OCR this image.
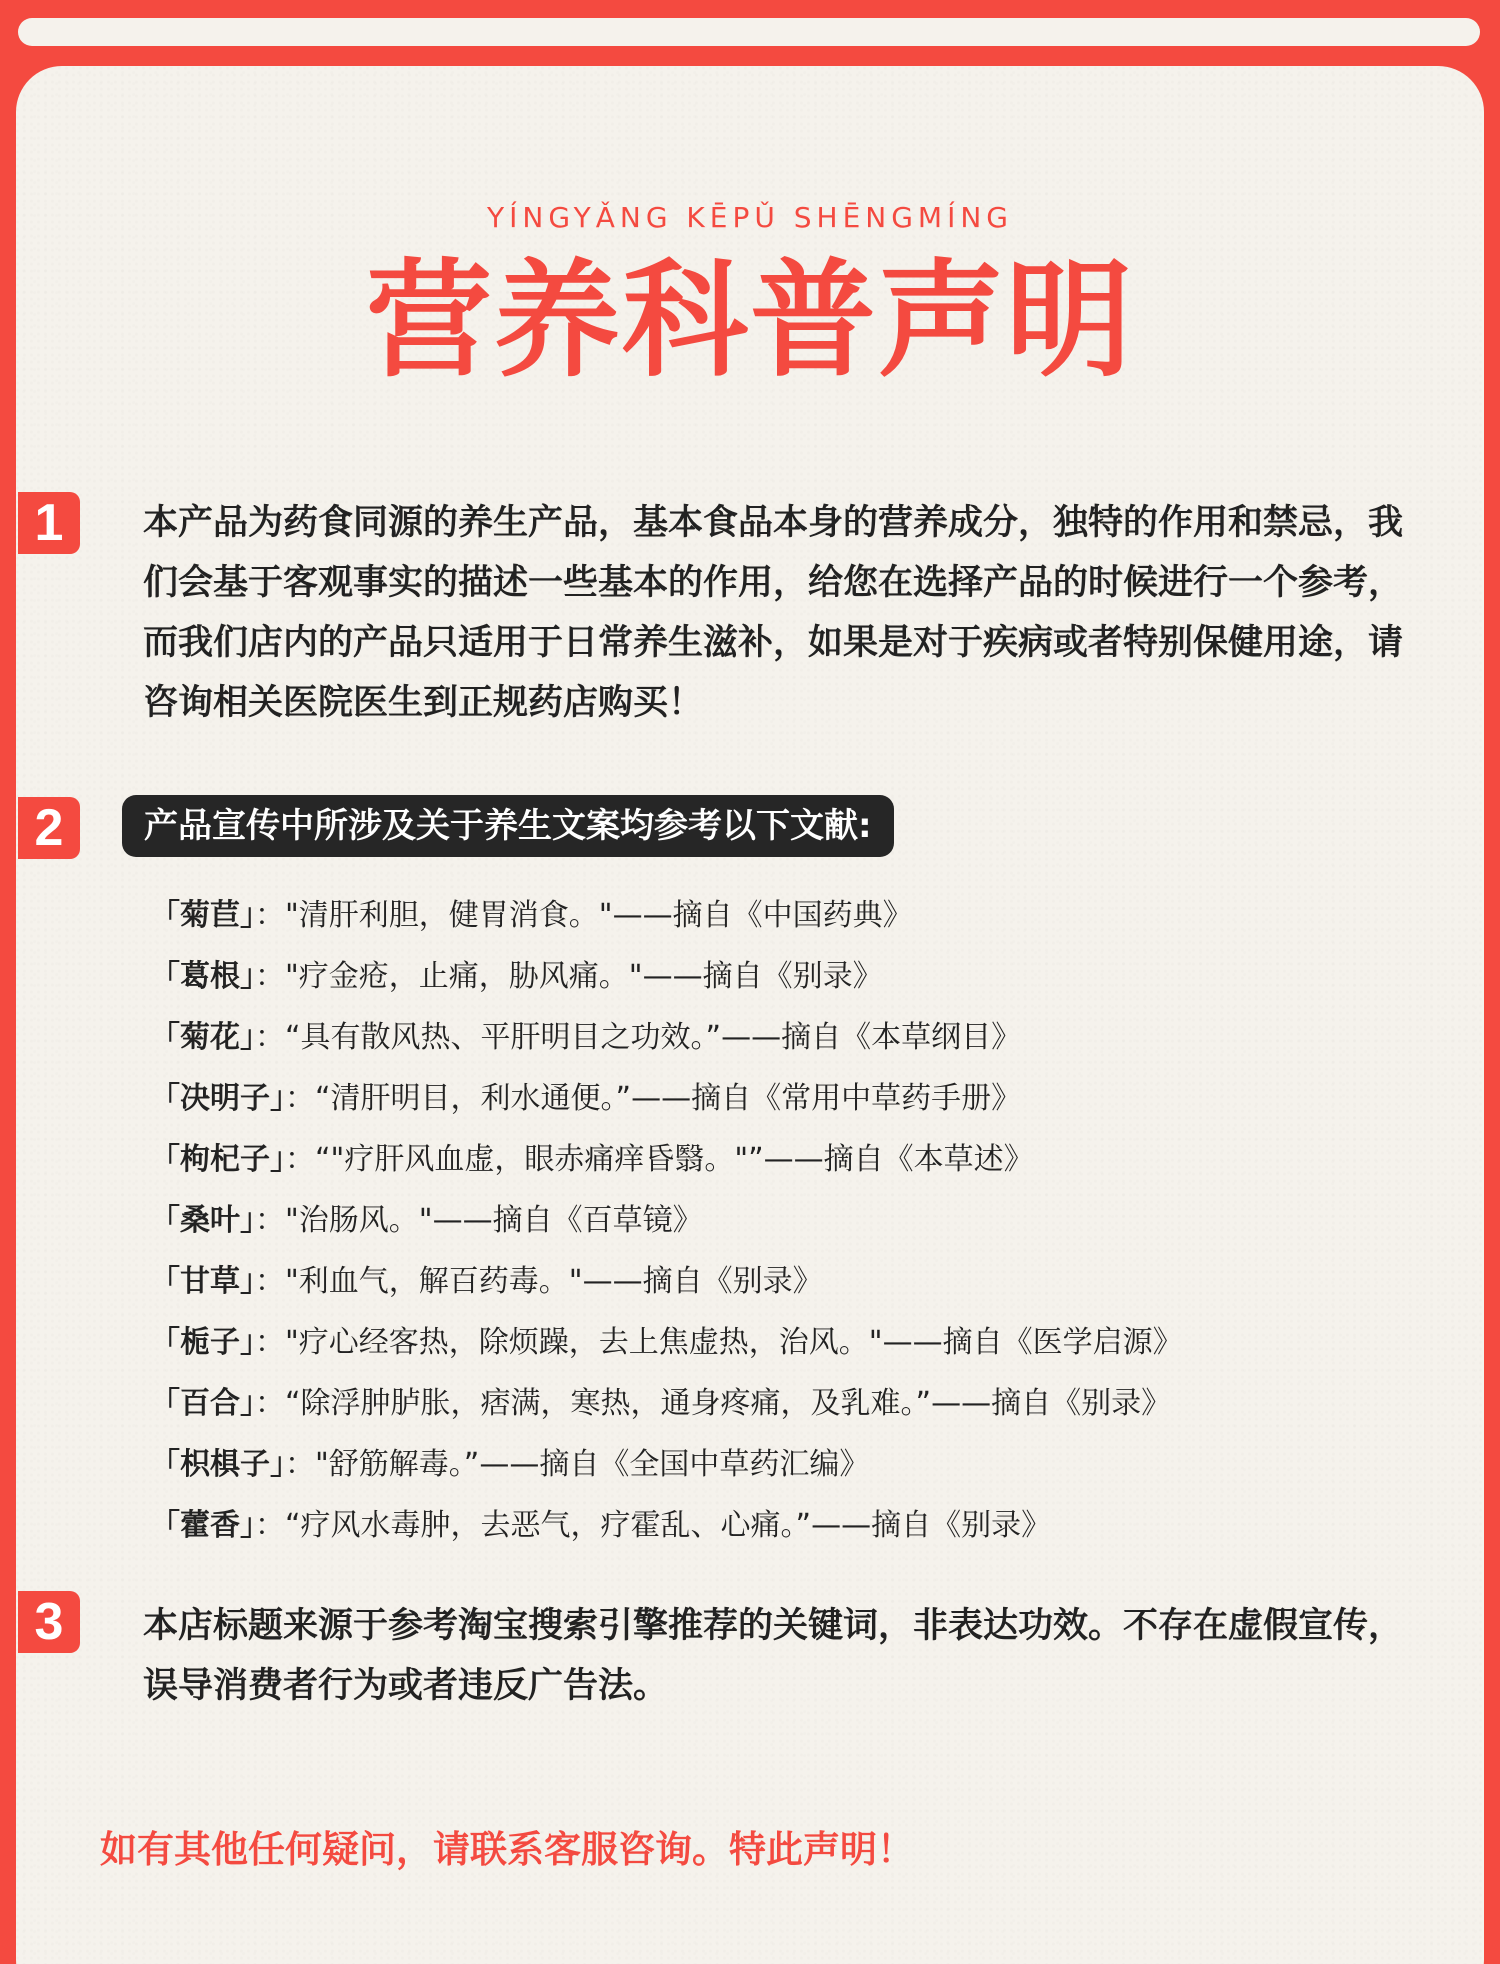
YÍNGYǍNG KĒPǓ SHĒNGMÍNG
营养科普声明
1	本产品为药食同源的养生产品，基本食品本身的营养成分，独特的作用和禁忌，我们会基于客观事实的描述一些基本的作用，给您在选择产品的时候进行一个参考，而我们店内的产品只适用于日常养生滋补，如果是对于疾病或者特别保健用途，请咨询相关医院医生到正规药店购买！

2	产品宣传中所涉及关于养生文案均参考以下文献:
「菊苣」："清肝利胆，健胃消食。"——摘自《中国药典》
「葛根」："疗金疮，止痛，胁风痛。"——摘自《别录》
「菊花」：“具有散风热、平肝明目之功效。”——摘自《本草纲目》
「决明子」：“清肝明目，利水通便。”——摘自《常用中草药手册》
「枸杞子」：“"疗肝风血虚，眼赤痛痒昏翳。"”——摘自《本草述》
「桑叶」："治肠风。"——摘自《百草镜》
「甘草」："利血气，解百药毒。"——摘自《别录》
「栀子」："疗心经客热，除烦躁，去上焦虚热，治风。"——摘自《医学启源》
「百合」：“除浮肿胪胀，痞满，寒热，通身疼痛，及乳难。”——摘自《别录》
「枳椇子」："舒筋解毒。”——摘自《全国中草药汇编》
「藿香」：“疗风水毒肿，去恶气，疗霍乱、心痛。”——摘自《别录》
3	本店标题来源于参考淘宝搜索引擎推荐的关键词，非表达功效。不存在虚假宣传，误导消费者行为或者违反广告法。

如有其他任何疑问，请联系客服咨询。特此声明！
